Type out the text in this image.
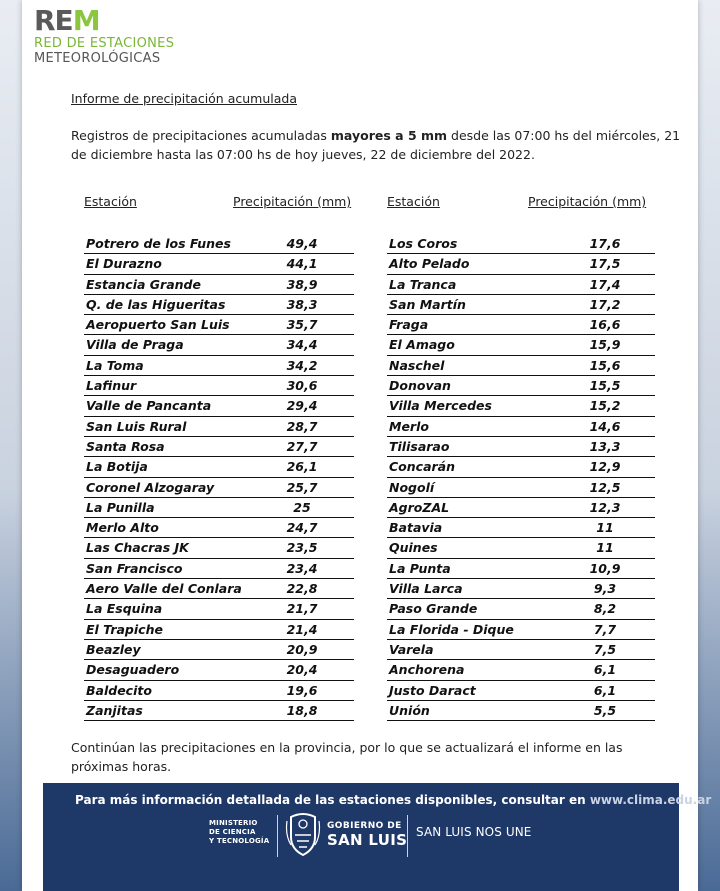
REM
RED DE ESTACIONES
METEOROLÓGICAS
Informe de precipitación acumulada
Registros de precipitaciones acumuladas mayores a 5 mm desde las 07:00 hs del miércoles, 21 de diciembre hasta las 07:00 hs de hoy jueves, 22 de diciembre del 2022.
Estación	Precipitación (mm)
Potrero de los Funes	49,4
El Durazno	44,1
Estancia Grande	38,9
Q. de las Higueritas	38,3
Aeropuerto San Luis	35,7
Villa de Praga	34,4
La Toma	34,2
Lafinur	30,6
Valle de Pancanta	29,4
San Luis Rural	28,7
Santa Rosa	27,7
La Botija	26,1
Coronel Alzogaray	25,7
La Punilla	25
Merlo Alto	24,7
Las Chacras JK	23,5
San Francisco	23,4
Aero Valle del Conlara	22,8
La Esquina	21,7
El Trapiche	21,4
Beazley	20,9
Desaguadero	20,4
Baldecito	19,6
Zanjitas	18,8
Estación	Precipitación (mm)
Los Coros	17,6
Alto Pelado	17,5
La Tranca	17,4
San Martín	17,2
Fraga	16,6
El Amago	15,9
Naschel	15,6
Donovan	15,5
Villa Mercedes	15,2
Merlo	14,6
Tilisarao	13,3
Concarán	12,9
Nogolí	12,5
AgroZAL	12,3
Batavia	11
Quines	11
La Punta	10,9
Villa Larca	9,3
Paso Grande	8,2
La Florida - Dique	7,7
Varela	7,5
Anchorena	6,1
Justo Daract	6,1
Unión	5,5
Continúan las precipitaciones en la provincia, por lo que se actualizará el informe en las próximas horas.
Para más información detallada de las estaciones disponibles, consultar en www.clima.edu.ar
MINISTERIO
DE CIENCIA
Y TECNOLOGÍA
GOBIERNO DE
SAN LUIS SAN LUIS NOS UNE
